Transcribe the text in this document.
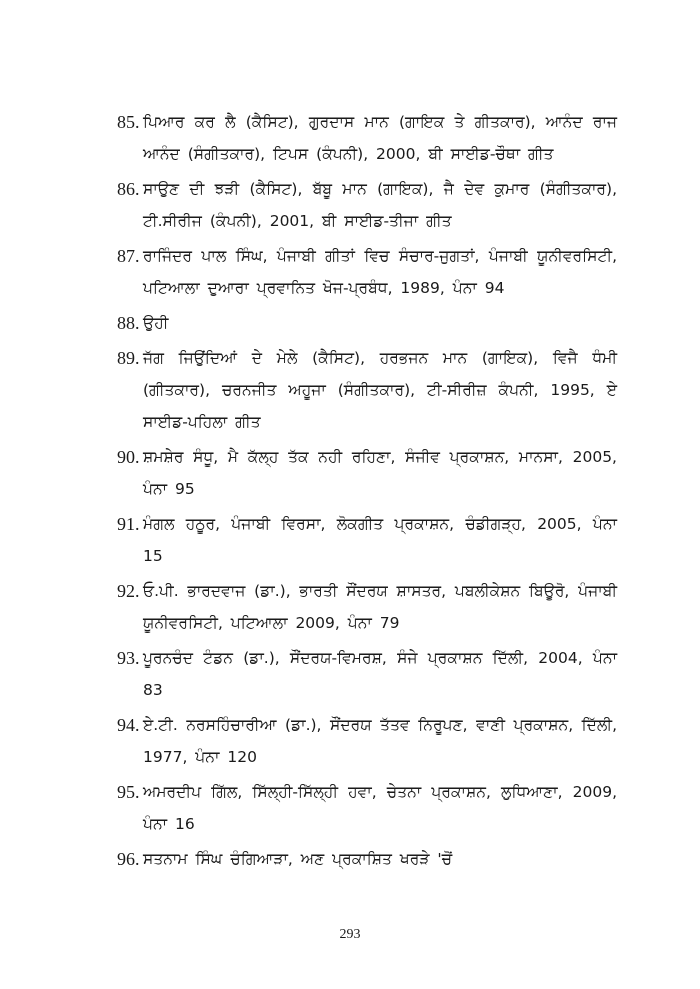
85. ਪਿਆਰ ਕਰ ਲੈ (ਕੈਸਿਟ), ਗੁਰਦਾਸ ਮਾਨ (ਗਾਇਕ ਤੇ ਗੀਤਕਾਰ), ਆਨੰਦ ਰਾਜ ਆਨੰਦ (ਸੰਗੀਤਕਾਰ), ਟਿਪਸ (ਕੰਪਨੀ), 2000, ਬੀ ਸਾਈਡ-ਚੌਥਾ ਗੀਤ
86. ਸਾਉਣ ਦੀ ਝੜੀ (ਕੈਸਿਟ), ਬੱਬੂ ਮਾਨ (ਗਾਇਕ), ਜੈ ਦੇਵ ਕੁਮਾਰ (ਸੰਗੀਤਕਾਰ), ਟੀ.ਸੀਰੀਜ (ਕੰਪਨੀ), 2001, ਬੀ ਸਾਈਡ-ਤੀਜਾ ਗੀਤ
87. ਰਾਜਿੰਦਰ ਪਾਲ ਸਿੰਘ, ਪੰਜਾਬੀ ਗੀਤਾਂ ਵਿਚ ਸੰਚਾਰ-ਜੁਗਤਾਂ, ਪੰਜਾਬੀ ਯੂਨੀਵਰਸਿਟੀ, ਪਟਿਆਲਾ ਦੁਆਰਾ ਪ੍ਰਵਾਨਿਤ ਖੋਜ-ਪ੍ਰਬੰਧ, 1989, ਪੰਨਾ 94
88. ਉਹੀ
89. ਜੱਗ ਜਿਉਂਦਿਆਂ ਦੇ ਮੇਲੇ (ਕੈਸਿਟ), ਹਰਭਜਨ ਮਾਨ (ਗਾਇਕ), ਵਿਜੈ ਧੰਮੀ (ਗੀਤਕਾਰ), ਚਰਨਜੀਤ ਅਹੂਜਾ (ਸੰਗੀਤਕਾਰ), ਟੀ-ਸੀਰੀਜ਼ ਕੰਪਨੀ, 1995, ਏ ਸਾਈਡ-ਪਹਿਲਾ ਗੀਤ
90. ਸ਼ਮਸ਼ੇਰ ਸੰਧੂ, ਮੈ ਕੱਲ੍ਹ ਤੱਕ ਨਹੀ ਰਹਿਣਾ, ਸੰਜੀਵ ਪ੍ਰਕਾਸ਼ਨ, ਮਾਨਸਾ, 2005, ਪੰਨਾ 95
91. ਮੰਗਲ ਹਠੂਰ, ਪੰਜਾਬੀ ਵਿਰਸਾ, ਲੋਕਗੀਤ ਪ੍ਰਕਾਸ਼ਨ, ਚੰਡੀਗੜ੍ਹ, 2005, ਪੰਨਾ 15
92. ਓ.ਪੀ. ਭਾਰਦਵਾਜ (ਡਾ.), ਭਾਰਤੀ ਸੌਂਦਰਯ ਸ਼ਾਸਤਰ, ਪਬਲੀਕੇਸ਼ਨ ਬਿਊਰੋ, ਪੰਜਾਬੀ ਯੂਨੀਵਰਸਿਟੀ, ਪਟਿਆਲਾ 2009, ਪੰਨਾ 79
93. ਪੂਰਨਚੰਦ ਟੰਡਨ (ਡਾ.), ਸੌਂਦਰਯ-ਵਿਮਰਸ਼, ਸੰਜੇ ਪ੍ਰਕਾਸ਼ਨ ਦਿੱਲੀ, 2004, ਪੰਨਾ 83
94. ਏ.ਟੀ. ਨਰਸਹਿੰਚਾਰੀਆ (ਡਾ.), ਸੌਂਦਰਯ ਤੱਤਵ ਨਿਰੂਪਣ, ਵਾਣੀ ਪ੍ਰਕਾਸ਼ਨ, ਦਿੱਲੀ, 1977, ਪੰਨਾ 120
95. ਅਮਰਦੀਪ ਗਿੱਲ, ਸਿੱਲ੍ਹੀ-ਸਿੱਲ੍ਹੀ ਹਵਾ, ਚੇਤਨਾ ਪ੍ਰਕਾਸ਼ਨ, ਲੁਧਿਆਣਾ, 2009, ਪੰਨਾ 16
96. ਸਤਨਾਮ ਸਿੰਘ ਚੰਗਿਆੜਾ, ਅਣ ਪ੍ਰਕਾਸ਼ਿਤ ਖਰੜੇ 'ਚੋਂ
293
